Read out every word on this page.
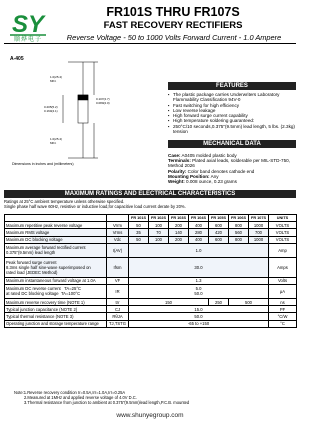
SY
顺烨电子
FR101S THRU FR107S
FAST RECOVERY RECTIFIERS
Reverse Voltage - 50 to 1000 Volts Forward Current - 1.0 Ampere
A-405
1.0(25.4)
MIN.
0.205(5.2)
0.160(4.1)
0.107(2.7)
0.080(2.0)
1.0(25.4)
MIN.
Dimensions in inches and (millimeters)
FEATURES
▪ The plastic package carries Underwriters Laboratory Flammability Classification 94V-0
▪ Fast switching for high efficiency
▪ Low reverse leakage
▪ High forward surge current capability
▪ High temperature soldering guaranteed:
▪ 250°C/10 seconds,0.375"(9.5mm) lead length, 5 lbs. (2.3kg) tension
MECHANICAL DATA
Case: A0405 molded plastic body
Terminals: Plated axial leads, solderable per MIL-STD-750, Method 2026
Polarity: Color band denotes cathode end
Mounting Position: Any
Weight: 0.008 ounce, 0.23 grams
MAXIMUM RATINGS AND ELECTRICAL CHARACTERISTICS
Ratings at 25°C ambient temperature unless otherwise specified.
Single phase half wave 60Hz, resistive or inductive load,for capacitive load current derate by 20%.
		FR 101S	FR 102S	FR 103S	FR 104S	FR 105S	FR 106S	FR 107S	UNITS
Maximum repetitive peak reverse voltage	Vrrm	50	100	200	400	600	800	1000	VOLTS
Maximum RMS voltage	Vrms	35	70	140	280	420	560	700	VOLTS
Maximum DC blocking voltage	Vdc	50	100	200	400	600	800	1000	VOLTS

Maximum average forward rectified current
0.375"(9.5mm) lead length	I(AV)	1.0							Amp

Peak forward surge current
8.3ms single half sine-wave superimposed on
rated load (JEDEC Method)	Ifsm	30.0							Amps
Maximum instantaneous forward voltage at 1.0A	VF	1.3							Volts

Maximum DC reverse current TA=25°C
at rated DC blocking voltage TA=100°C	IR	5.0
50.0							μA
Maximum reverse recovery time (NOTE 1)	trr	150				250	500		ns
Typical junction capacitance (NOTE 2)	CJ	15.0							PF
Typical thermal resistance (NOTE 3)	RθJA	50.0							°C/W
Operating junction and storage temperature range	TJ,TSTG	-65 to +150							°C
Note:1.Reverse recovery condition Ir=0.5A,Irr=1.0A,Irr=0.25A
2.Measured at 1MHz and applied reverse voltage of 4.0V D.C.
3.Thermal resistance from junction to ambient at 0.375"(9.5mm)lead length,P.C.B. mounted
www.shunyegroup.com
